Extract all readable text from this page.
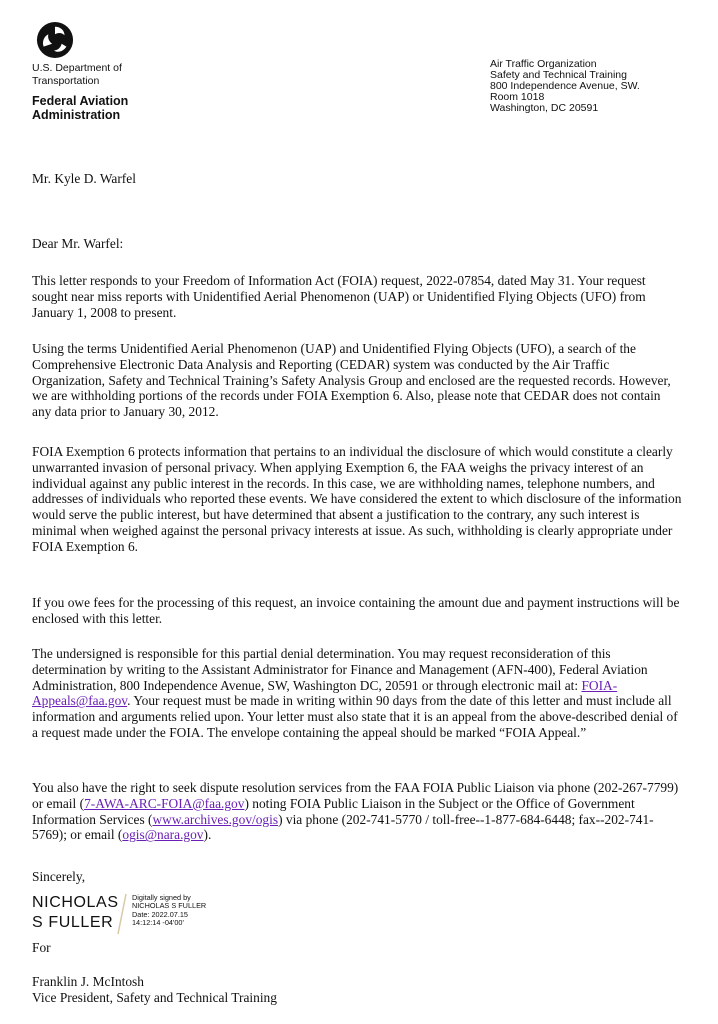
U.S. Department of
Transportation
Federal Aviation
Administration
Air Traffic Organization
Safety and Technical Training
800 Independence Avenue, SW.
Room 1018
Washington, DC 20591
Mr. Kyle D. Warfel
Dear Mr. Warfel:

This letter responds to your Freedom of Information Act (FOIA) request, 2022-07854, dated May 31. Your request sought near miss reports with Unidentified Aerial Phenomenon (UAP) or Unidentified Flying Objects (UFO) from January 1, 2008 to present.

Using the terms Unidentified Aerial Phenomenon (UAP) and Unidentified Flying Objects (UFO), a search of the Comprehensive Electronic Data Analysis and Reporting (CEDAR) system was conducted by the Air Traffic Organization, Safety and Technical Training’s Safety Analysis Group and enclosed are the requested records. However, we are withholding portions of the records under FOIA Exemption 6. Also, please note that CEDAR does not contain any data prior to January 30, 2012.

FOIA Exemption 6 protects information that pertains to an individual the disclosure of which would constitute a clearly unwarranted invasion of personal privacy. When applying Exemption 6, the FAA weighs the privacy interest of an individual against any public interest in the records. In this case, we are withholding names, telephone numbers, and addresses of individuals who reported these events. We have considered the extent to which disclosure of the information would serve the public interest, but have determined that absent a justification to the contrary, any such interest is minimal when weighed against the personal privacy interests at issue. As such, withholding is clearly appropriate under FOIA Exemption 6.

If you owe fees for the processing of this request, an invoice containing the amount due and payment instructions will be enclosed with this letter.

The undersigned is responsible for this partial denial determination. You may request reconsideration of this determination by writing to the Assistant Administrator for Finance and Management (AFN-400), Federal Aviation Administration, 800 Independence Avenue, SW, Washington DC, 20591 or through electronic mail at: FOIA-Appeals@faa.gov. Your request must be made in writing within 90 days from the date of this letter and must include all information and arguments relied upon. Your letter must also state that it is an appeal from the above-described denial of a request made under the FOIA. The envelope containing the appeal should be marked “FOIA Appeal.”

You also have the right to seek dispute resolution services from the FAA FOIA Public Liaison via phone (202-267-7799) or email (7-AWA-ARC-FOIA@faa.gov) noting FOIA Public Liaison in the Subject or the Office of Government Information Services (www.archives.gov/ogis) via phone (202-741-5770 / toll-free--1-877-684-6448; fax--202-741-5769); or email (ogis@nara.gov).

Sincerely,
NICHOLAS
S FULLER
Digitally signed by
NICHOLAS S FULLER
Date: 2022.07.15
14:12:14 -04'00'
For
Franklin J. McIntosh
Vice President, Safety and Technical Training
